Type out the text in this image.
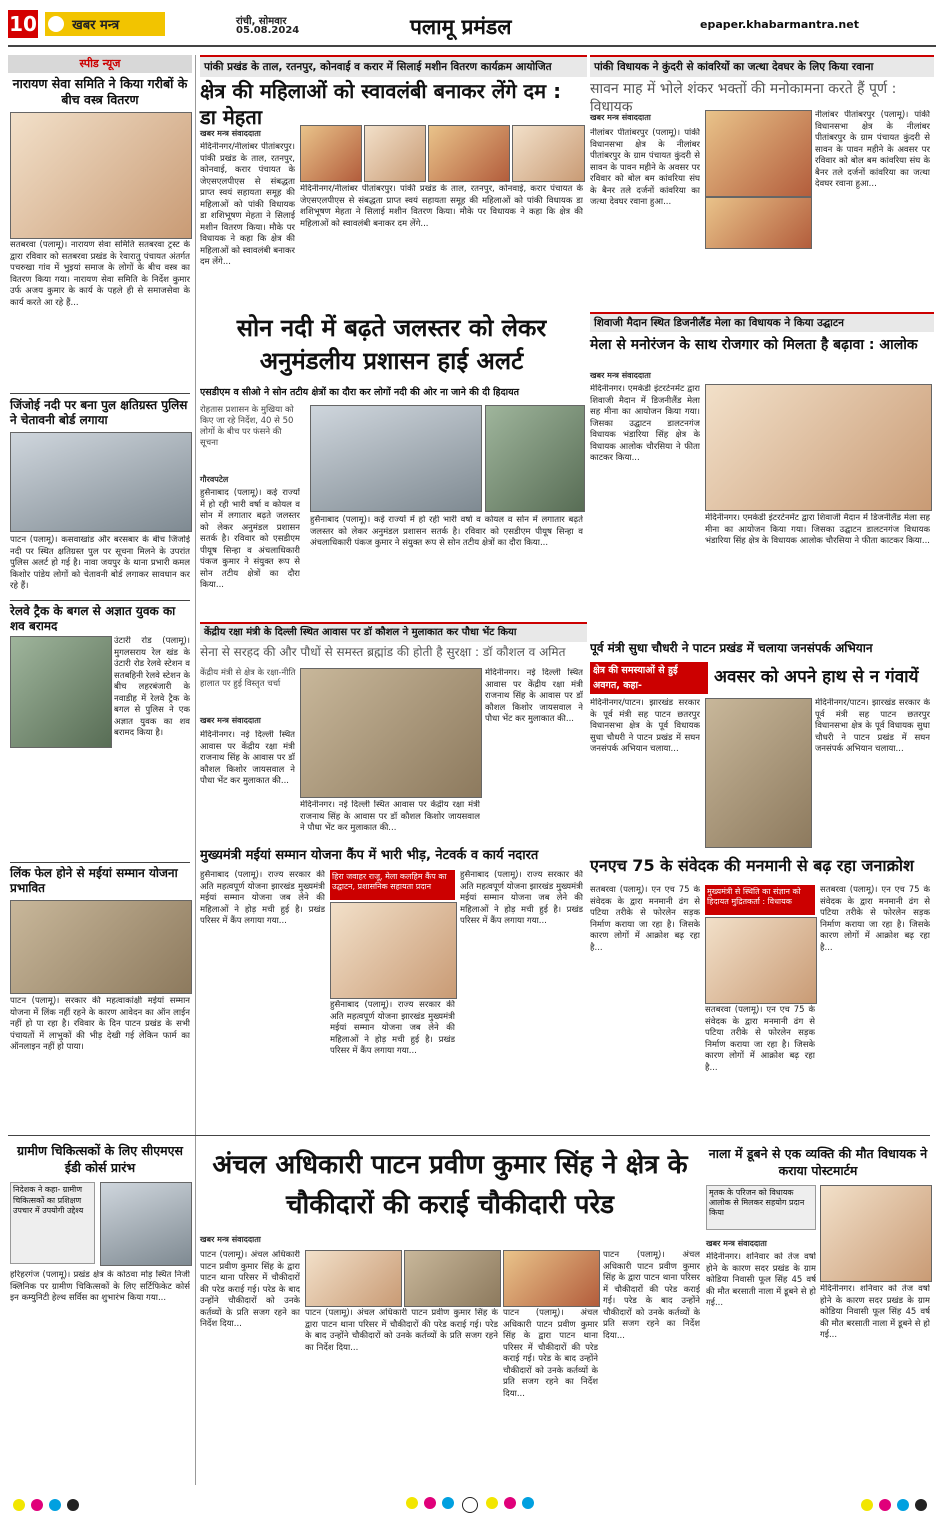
10	खबर मन्त्र	रांची, सोमवार
05.08.2024	पलामू प्रमंडल	epaper.khabarmantra.net
स्पीड न्यूज
नारायण सेवा समिति ने किया गरीबों के बीच वस्त्र वितरण
सतबरवा (पलामू)। नारायण सेवा समिति सतबरवा ट्रस्ट के द्वारा रविवार को सतबरवा प्रखंड के रेवारातु पंचायत अंतर्गत पचरुखा गांव में भुइयां समाज के लोगों के बीच वस्त्र का वितरण किया गया। नारायण सेवा समिति के निर्देश कुमार उर्फ अजय कुमार के कार्य के पहले ही से समाजसेवा के कार्य करते आ रहे हैं...
जिंजोई नदी पर बना पुल क्षतिग्रस्त पुलिस ने चेतावनी बोर्ड लगाया
पाटन (पलामू)। कसवाखांड और बरसबार के बीच जिंजोई नदी पर स्थित क्षतिग्रस्त पुल पर सूचना मिलने के उपरांत पुलिस अलर्ट हो गई है। नावा जयपुर के थाना प्रभारी कमल किशोर पांडेय लोगों को चेतावनी बोर्ड लगाकर सावधान कर रहे हैं।
रेलवे ट्रैक के बगल से अज्ञात युवक का शव बरामद
उंटारी रोड (पलामू)। मुगलसराय रेल खंड के उंटारी रोड रेलवे स्टेशन व सतबहिनी रेलवे स्टेशन के बीच लहरबंजारी के नवाडीह में रेलवे ट्रैक के बगल से पुलिस ने एक अज्ञात युवक का शव बरामद किया है।
लिंक फेल होने से मईयां सम्मान योजना प्रभावित
पाटन (पलामू)। सरकार की महत्वाकांक्षी मईयां सम्मान योजना में लिंक नहीं रहने के कारण आवेदन का ऑन लाईन नहीं हो पा रहा है। रविवार के दिन पाटन प्रखंड के सभी पंचायतों में लाभुकों की भीड़ देखी गई लेकिन फार्म का ऑनलाइन नहीं हो पाया।
पांकी प्रखंड के ताल, रतनपुर, कोनवाई व करार में सिलाई मशीन वितरण कार्यक्रम आयोजित
क्षेत्र की महिलाओं को स्वावलंबी बनाकर लेंगे दम : डा मेहता
खबर मन्त्र संवाददाता
मेदिनीनगर/नीलांबर पीतांबरपुर। पांकी प्रखंड के ताल, रतनपुर, कोनवाई, करार पंचायत के जेएसएलपीएस से संबद्धता प्राप्त स्वयं सहायता समूह की महिलाओं को पांकी विधायक डा शशिभूषण मेहता ने सिलाई मशीन वितरण किया। मौके पर विधायक ने कहा कि क्षेत्र की महिलाओं को स्वावलंबी बनाकर दम लेंगे...
मेदिनीनगर/नीलांबर पीतांबरपुर। पांकी प्रखंड के ताल, रतनपुर, कोनवाई, करार पंचायत के जेएसएलपीएस से संबद्धता प्राप्त स्वयं सहायता समूह की महिलाओं को पांकी विधायक डा शशिभूषण मेहता ने सिलाई मशीन वितरण किया। मौके पर विधायक ने कहा कि क्षेत्र की महिलाओं को स्वावलंबी बनाकर दम लेंगे...
पांकी विधायक ने कुंदरी से कांवरियों का जत्था देवघर के लिए किया रवाना
सावन माह में भोले शंकर भक्तों की मनोकामना करते हैं पूर्ण : विधायक
खबर मन्त्र संवाददाता
नीलांबर पीतांबरपुर (पलामू)। पांकी विधानसभा क्षेत्र के नीलांबर पीतांबरपुर के ग्राम पंचायत कुंदरी से सावन के पावन महीने के अवसर पर रविवार को बोल बम कांवरिया संघ के बैनर तले दर्जनों कांवरिया का जत्था देवघर रवाना हुआ...
नीलांबर पीतांबरपुर (पलामू)। पांकी विधानसभा क्षेत्र के नीलांबर पीतांबरपुर के ग्राम पंचायत कुंदरी से सावन के पावन महीने के अवसर पर रविवार को बोल बम कांवरिया संघ के बैनर तले दर्जनों कांवरिया का जत्था देवघर रवाना हुआ...
सोन नदी में बढ़ते जलस्तर को लेकर अनुमंडलीय प्रशासन हाई अलर्ट
एसडीएम व सीओ ने सोन तटीय क्षेत्रों का दौरा कर लोगों नदी की ओर ना जाने की दी हिदायत
रोहतास प्रशासन के मुखिया को किए जा रहे निर्देश, 40 से 50 लोगों के बीच पर फंसने की सूचना
गौरवपटेल
हुसैनाबाद (पलामू)। कई राज्यों में हो रही भारी वर्षा व कोयल व सोन में लगातार बढ़ते जलस्तर को लेकर अनुमंडल प्रशासन सतर्क है। रविवार को एसडीएम पीयूष सिन्हा व अंचलाधिकारी पंकज कुमार ने संयुक्त रूप से सोन तटीय क्षेत्रों का दौरा किया...
हुसैनाबाद (पलामू)। कई राज्यों में हो रही भारी वर्षा व कोयल व सोन में लगातार बढ़ते जलस्तर को लेकर अनुमंडल प्रशासन सतर्क है। रविवार को एसडीएम पीयूष सिन्हा व अंचलाधिकारी पंकज कुमार ने संयुक्त रूप से सोन तटीय क्षेत्रों का दौरा किया...
शिवाजी मैदान स्थित डिजनीलैंड मेला का विधायक ने किया उद्घाटन
मेला से मनोरंजन के साथ रोजगार को मिलता है बढ़ावा : आलोक
खबर मन्त्र संवाददाता
मेदिनीनगर। एमकेडी इंटरटेनमेंट द्वारा शिवाजी मैदान में डिजनीलैंड मेला सह मीना का आयोजन किया गया। जिसका उद्घाटन डालटनगंज विधायक भंडारिया सिंह क्षेत्र के विधायक आलोक चौरसिया ने फीता काटकर किया...
मेदिनीनगर। एमकेडी इंटरटेनमेंट द्वारा शिवाजी मैदान में डिजनीलैंड मेला सह मीना का आयोजन किया गया। जिसका उद्घाटन डालटनगंज विधायक भंडारिया सिंह क्षेत्र के विधायक आलोक चौरसिया ने फीता काटकर किया...
केंद्रीय रक्षा मंत्री के दिल्ली स्थित आवास पर डॉ कौशल ने मुलाकात कर पौधा भेंट किया
सेना से सरहद की और पौधों से समस्त ब्रह्मांड की होती है सुरक्षा : डॉ कौशल व अमित
केंद्रीय मंत्री से क्षेत्र के रक्षा-नीति हालात पर हुई विस्तृत चर्चा
खबर मन्त्र संवाददाता
मेदिनीनगर। नई दिल्ली स्थित आवास पर केंद्रीय रक्षा मंत्री राजनाथ सिंह के आवास पर डॉ कौशल किशोर जायसवाल ने पौधा भेंट कर मुलाकात की...
मेदिनीनगर। नई दिल्ली स्थित आवास पर केंद्रीय रक्षा मंत्री राजनाथ सिंह के आवास पर डॉ कौशल किशोर जायसवाल ने पौधा भेंट कर मुलाकात की...
मेदिनीनगर। नई दिल्ली स्थित आवास पर केंद्रीय रक्षा मंत्री राजनाथ सिंह के आवास पर डॉ कौशल किशोर जायसवाल ने पौधा भेंट कर मुलाकात की...
पूर्व मंत्री सुधा चौधरी ने पाटन प्रखंड में चलाया जनसंपर्क अभियान
क्षेत्र की समस्याओं से हुई अवगत, कहा-	अवसर को अपने हाथ से न गंवायें
मेदिनीनगर/पाटन। झारखंड सरकार के पूर्व मंत्री सह पाटन छतरपुर विधानसभा क्षेत्र के पूर्व विधायक सुधा चौधरी ने पाटन प्रखंड में सघन जनसंपर्क अभियान चलाया...
मेदिनीनगर/पाटन। झारखंड सरकार के पूर्व मंत्री सह पाटन छतरपुर विधानसभा क्षेत्र के पूर्व विधायक सुधा चौधरी ने पाटन प्रखंड में सघन जनसंपर्क अभियान चलाया...
मुख्यमंत्री मईयां सम्मान योजना कैंप में भारी भीड़, नेटवर्क व कार्य नदारत
हुसैनाबाद (पलामू)। राज्य सरकार की अति महत्वपूर्ण योजना झारखंड मुख्यमंत्री मईयां सम्मान योजना जब लेने की महिलाओं ने होड़ मची हुई है। प्रखंड परिसर में कैंप लगाया गया...
हिरा जवाहर राजू, मेला कलहिम कैंप का उद्घाटन, प्रशासनिक सहायता प्रदान
हुसैनाबाद (पलामू)। राज्य सरकार की अति महत्वपूर्ण योजना झारखंड मुख्यमंत्री मईयां सम्मान योजना जब लेने की महिलाओं ने होड़ मची हुई है। प्रखंड परिसर में कैंप लगाया गया...
हुसैनाबाद (पलामू)। राज्य सरकार की अति महत्वपूर्ण योजना झारखंड मुख्यमंत्री मईयां सम्मान योजना जब लेने की महिलाओं ने होड़ मची हुई है। प्रखंड परिसर में कैंप लगाया गया...
एनएच 75 के संवेदक की मनमानी से बढ़ रहा जनाक्रोश
सतबरवा (पलामू)। एन एच 75 के संवेदक के द्वारा मनमानी ढंग से पटिया तरीके से फोरलेन सड़क निर्माण कराया जा रहा है। जिसके कारण लोगों में आक्रोश बढ़ रहा है...
मुख्यमंत्री से स्थिति का संज्ञान को हिदायत मुद्रितकर्ता : विधायक
सतबरवा (पलामू)। एन एच 75 के संवेदक के द्वारा मनमानी ढंग से पटिया तरीके से फोरलेन सड़क निर्माण कराया जा रहा है। जिसके कारण लोगों में आक्रोश बढ़ रहा है...
सतबरवा (पलामू)। एन एच 75 के संवेदक के द्वारा मनमानी ढंग से पटिया तरीके से फोरलेन सड़क निर्माण कराया जा रहा है। जिसके कारण लोगों में आक्रोश बढ़ रहा है...
ग्रामीण चिकित्सकों के लिए सीएमएस ईडी कोर्स प्रारंभ
निदेशक ने कहा- ग्रामीण चिकित्सकों का प्रशिक्षण उपचार में उपयोगी उद्देश्य
हरिहरगंज (पलामू)। प्रखंड क्षेत्र के कोठवा मोड़ स्थित निजी क्लिनिक पर ग्रामीण चिकित्सकों के लिए सर्टिफिकेट कोर्स इन कम्युनिटी हेल्थ सर्विस का शुभारंभ किया गया...
अंचल अधिकारी पाटन प्रवीण कुमार सिंह ने क्षेत्र के चौकीदारों की कराई चौकीदारी परेड
खबर मन्त्र संवाददाता
पाटन (पलामू)। अंचल अधिकारी पाटन प्रवीण कुमार सिंह के द्वारा पाटन थाना परिसर में चौकीदारों की परेड कराई गई। परेड के बाद उन्होंने चौकीदारों को उनके कर्तव्यों के प्रति सजग रहने का निर्देश दिया...
पाटन (पलामू)। अंचल अधिकारी पाटन प्रवीण कुमार सिंह के द्वारा पाटन थाना परिसर में चौकीदारों की परेड कराई गई। परेड के बाद उन्होंने चौकीदारों को उनके कर्तव्यों के प्रति सजग रहने का निर्देश दिया...
पाटन (पलामू)। अंचल अधिकारी पाटन प्रवीण कुमार सिंह के द्वारा पाटन थाना परिसर में चौकीदारों की परेड कराई गई। परेड के बाद उन्होंने चौकीदारों को उनके कर्तव्यों के प्रति सजग रहने का निर्देश दिया...
पाटन (पलामू)। अंचल अधिकारी पाटन प्रवीण कुमार सिंह के द्वारा पाटन थाना परिसर में चौकीदारों की परेड कराई गई। परेड के बाद उन्होंने चौकीदारों को उनके कर्तव्यों के प्रति सजग रहने का निर्देश दिया...
नाला में डूबने से एक व्यक्ति की मौत विधायक ने कराया पोस्टमार्टम
मृतक के परिजन को विधायक आलोक से मिलकर सहयोग प्रदान किया
खबर मन्त्र संवाददाता
मेदिनीनगर। शनिवार को तेज वर्षा होने के कारण सदर प्रखंड के ग्राम कोडिया निवासी फूल सिंह 45 वर्ष की मौत बरसाती नाला में डूबने से हो गई...
मेदिनीनगर। शनिवार को तेज वर्षा होने के कारण सदर प्रखंड के ग्राम कोडिया निवासी फूल सिंह 45 वर्ष की मौत बरसाती नाला में डूबने से हो गई...
